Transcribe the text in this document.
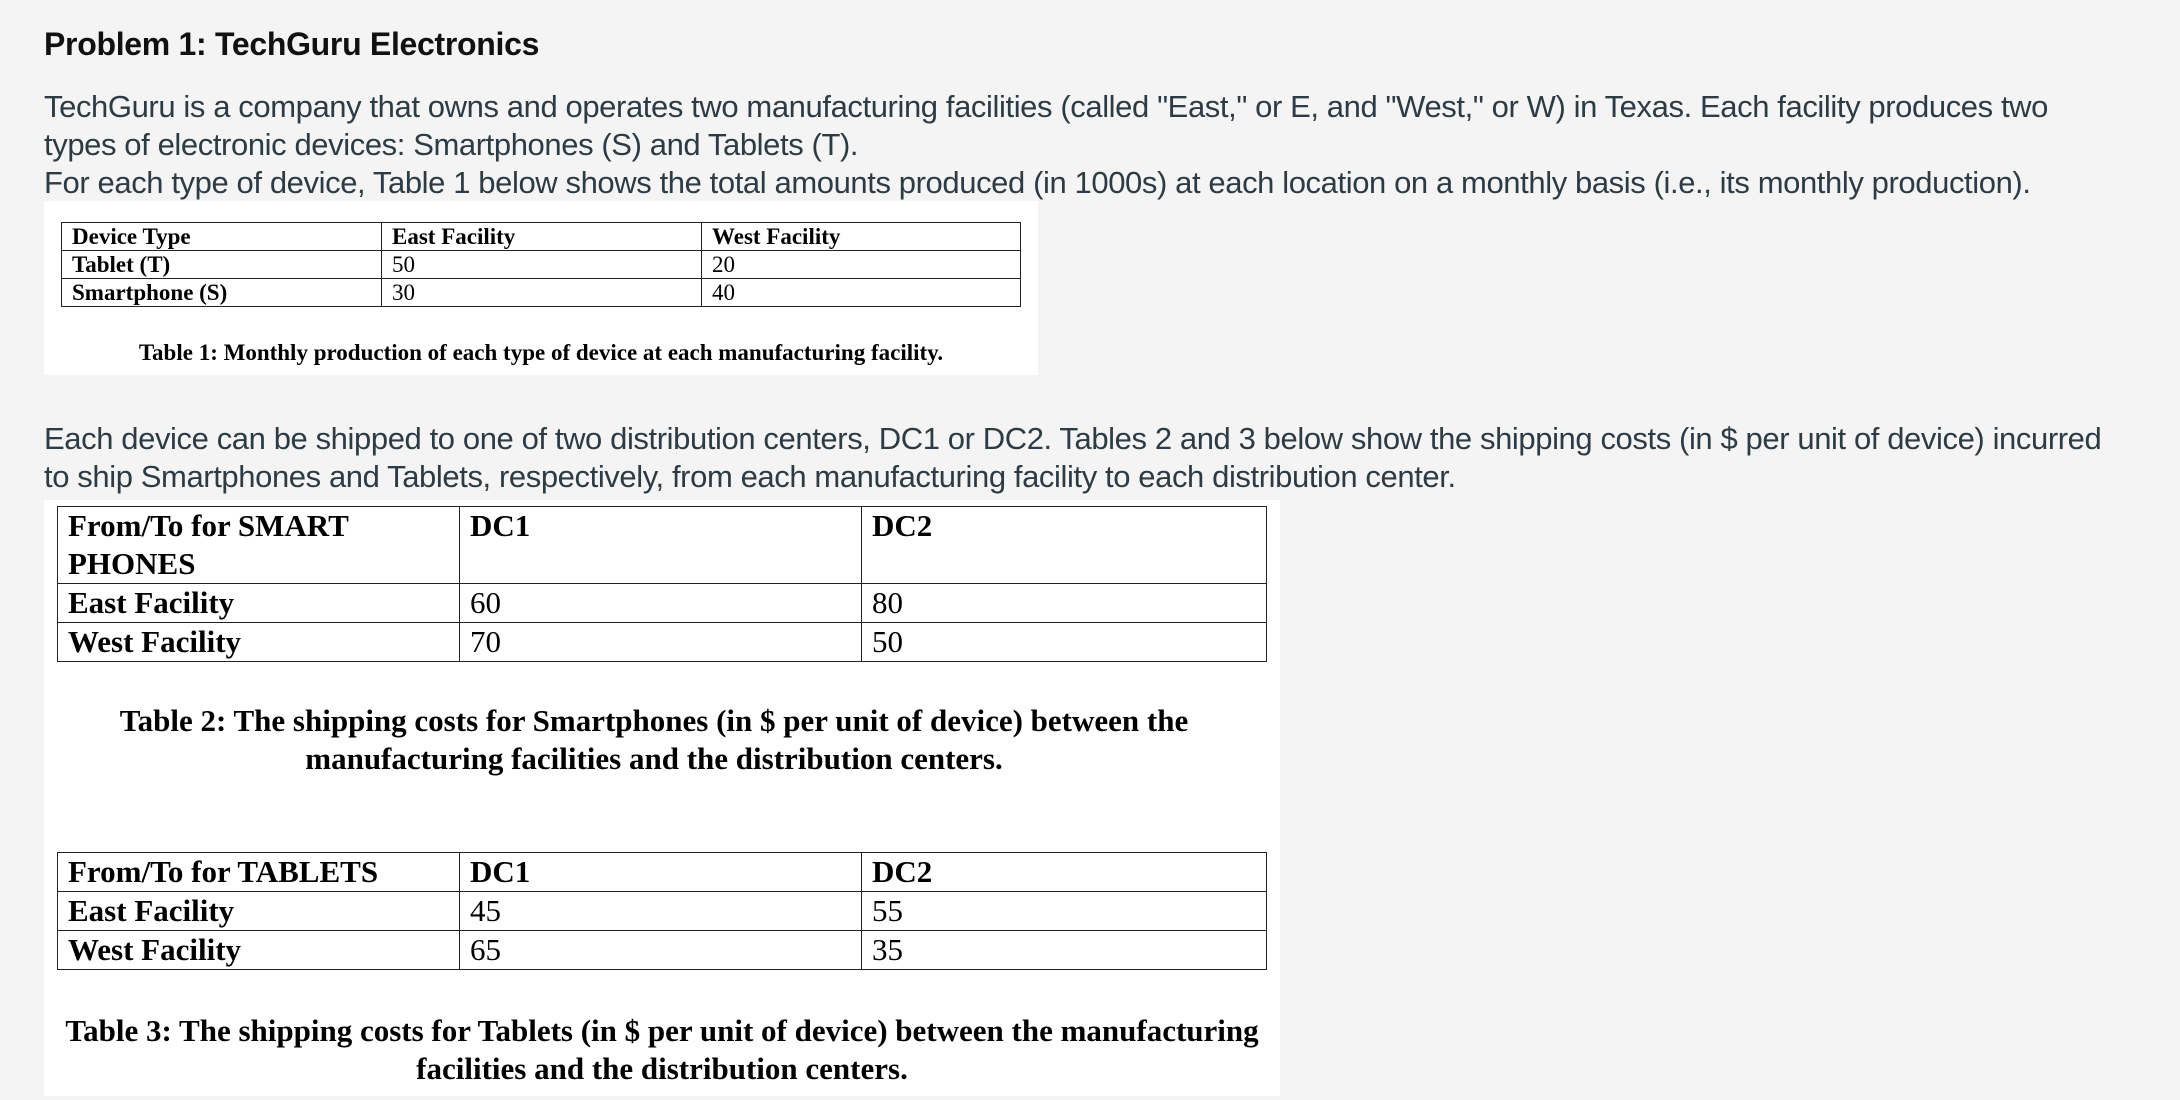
Problem 1: TechGuru Electronics
TechGuru is a company that owns and operates two manufacturing facilities (called "East," or E, and "West," or W) in Texas. Each facility produces two
types of electronic devices: Smartphones (S) and Tablets (T).
For each type of device, Table 1 below shows the total amounts produced (in 1000s) at each location on a monthly basis (i.e., its monthly production).
Device Type	East Facility	West Facility
Tablet (T)	50	20
Smartphone (S)	30	40
Table 1: Monthly production of each type of device at each manufacturing facility.
Each device can be shipped to one of two distribution centers, DC1 or DC2. Tables 2 and 3 below show the shipping costs (in $ per unit of device) incurred
to ship Smartphones and Tablets, respectively, from each manufacturing facility to each distribution center.
From/To for SMART
PHONES	DC1	DC2
East Facility	60	80
West Facility	70	50
Table 2: The shipping costs for Smartphones (in $ per unit of device) between the
manufacturing facilities and the distribution centers.
From/To for TABLETS	DC1	DC2
East Facility	45	55
West Facility	65	35
Table 3: The shipping costs for Tablets (in $ per unit of device) between the manufacturing
facilities and the distribution centers.
